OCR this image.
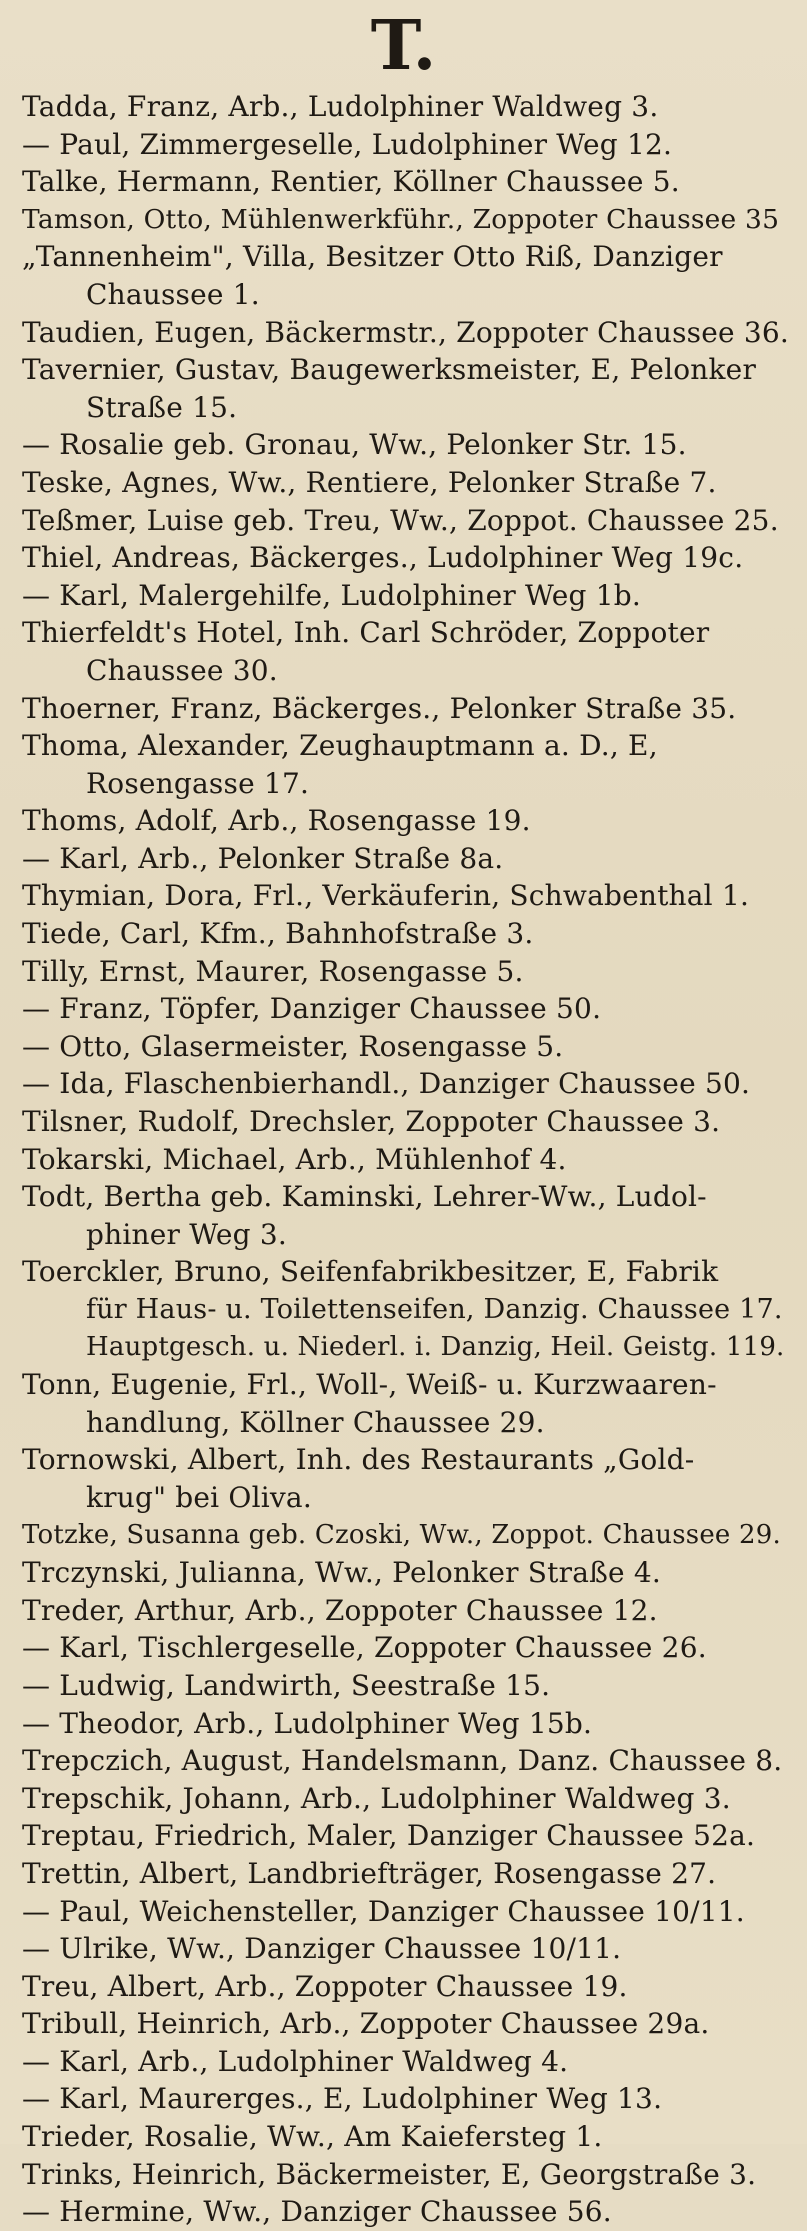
T.
Tadda, Franz, Arb., Ludolphiner Waldweg 3.
— Paul, Zimmergeselle, Ludolphiner Weg 12.
Talke, Hermann, Rentier, Köllner Chaussee 5.
Tamson, Otto, Mühlenwerkführ., Zoppoter Chaussee 35
„Tannenheim", Villa, Besitzer Otto Riß, Danziger
Chaussee 1.
Taudien, Eugen, Bäckermstr., Zoppoter Chaussee 36.
Tavernier, Gustav, Baugewerksmeister, E, Pelonker
Straße 15.
— Rosalie geb. Gronau, Ww., Pelonker Str. 15.
Teske, Agnes, Ww., Rentiere, Pelonker Straße 7.
Teßmer, Luise geb. Treu, Ww., Zoppot. Chaussee 25.
Thiel, Andreas, Bäckerges., Ludolphiner Weg 19c.
— Karl, Malergehilfe, Ludolphiner Weg 1b.
Thierfeldt's Hotel, Inh. Carl Schröder, Zoppoter
Chaussee 30.
Thoerner, Franz, Bäckerges., Pelonker Straße 35.
Thoma, Alexander, Zeughauptmann a. D., E,
Rosengasse 17.
Thoms, Adolf, Arb., Rosengasse 19.
— Karl, Arb., Pelonker Straße 8a.
Thymian, Dora, Frl., Verkäuferin, Schwabenthal 1.
Tiede, Carl, Kfm., Bahnhofstraße 3.
Tilly, Ernst, Maurer, Rosengasse 5.
— Franz, Töpfer, Danziger Chaussee 50.
— Otto, Glasermeister, Rosengasse 5.
— Ida, Flaschenbierhandl., Danziger Chaussee 50.
Tilsner, Rudolf, Drechsler, Zoppoter Chaussee 3.
Tokarski, Michael, Arb., Mühlenhof 4.
Todt, Bertha geb. Kaminski, Lehrer-Ww., Ludol-
phiner Weg 3.
Toerckler, Bruno, Seifenfabrikbesitzer, E, Fabrik
für Haus- u. Toilettenseifen, Danzig. Chaussee 17.
Hauptgesch. u. Niederl. i. Danzig, Heil. Geistg. 119.
Tonn, Eugenie, Frl., Woll-, Weiß- u. Kurzwaaren-
handlung, Köllner Chaussee 29.
Tornowski, Albert, Inh. des Restaurants „Gold-
krug" bei Oliva.
Totzke, Susanna geb. Czoski, Ww., Zoppot. Chaussee 29.
Trczynski, Julianna, Ww., Pelonker Straße 4.
Treder, Arthur, Arb., Zoppoter Chaussee 12.
— Karl, Tischlergeselle, Zoppoter Chaussee 26.
— Ludwig, Landwirth, Seestraße 15.
— Theodor, Arb., Ludolphiner Weg 15b.
Trepczich, August, Handelsmann, Danz. Chaussee 8.
Trepschik, Johann, Arb., Ludolphiner Waldweg 3.
Treptau, Friedrich, Maler, Danziger Chaussee 52a.
Trettin, Albert, Landbriefträger, Rosengasse 27.
— Paul, Weichensteller, Danziger Chaussee 10/11.
— Ulrike, Ww., Danziger Chaussee 10/11.
Treu, Albert, Arb., Zoppoter Chaussee 19.
Tribull, Heinrich, Arb., Zoppoter Chaussee 29a.
— Karl, Arb., Ludolphiner Waldweg 4.
— Karl, Maurerges., E, Ludolphiner Weg 13.
Trieder, Rosalie, Ww., Am Kaiefersteg 1.
Trinks, Heinrich, Bäckermeister, E, Georgstraße 3.
— Hermine, Ww., Danziger Chaussee 56.
